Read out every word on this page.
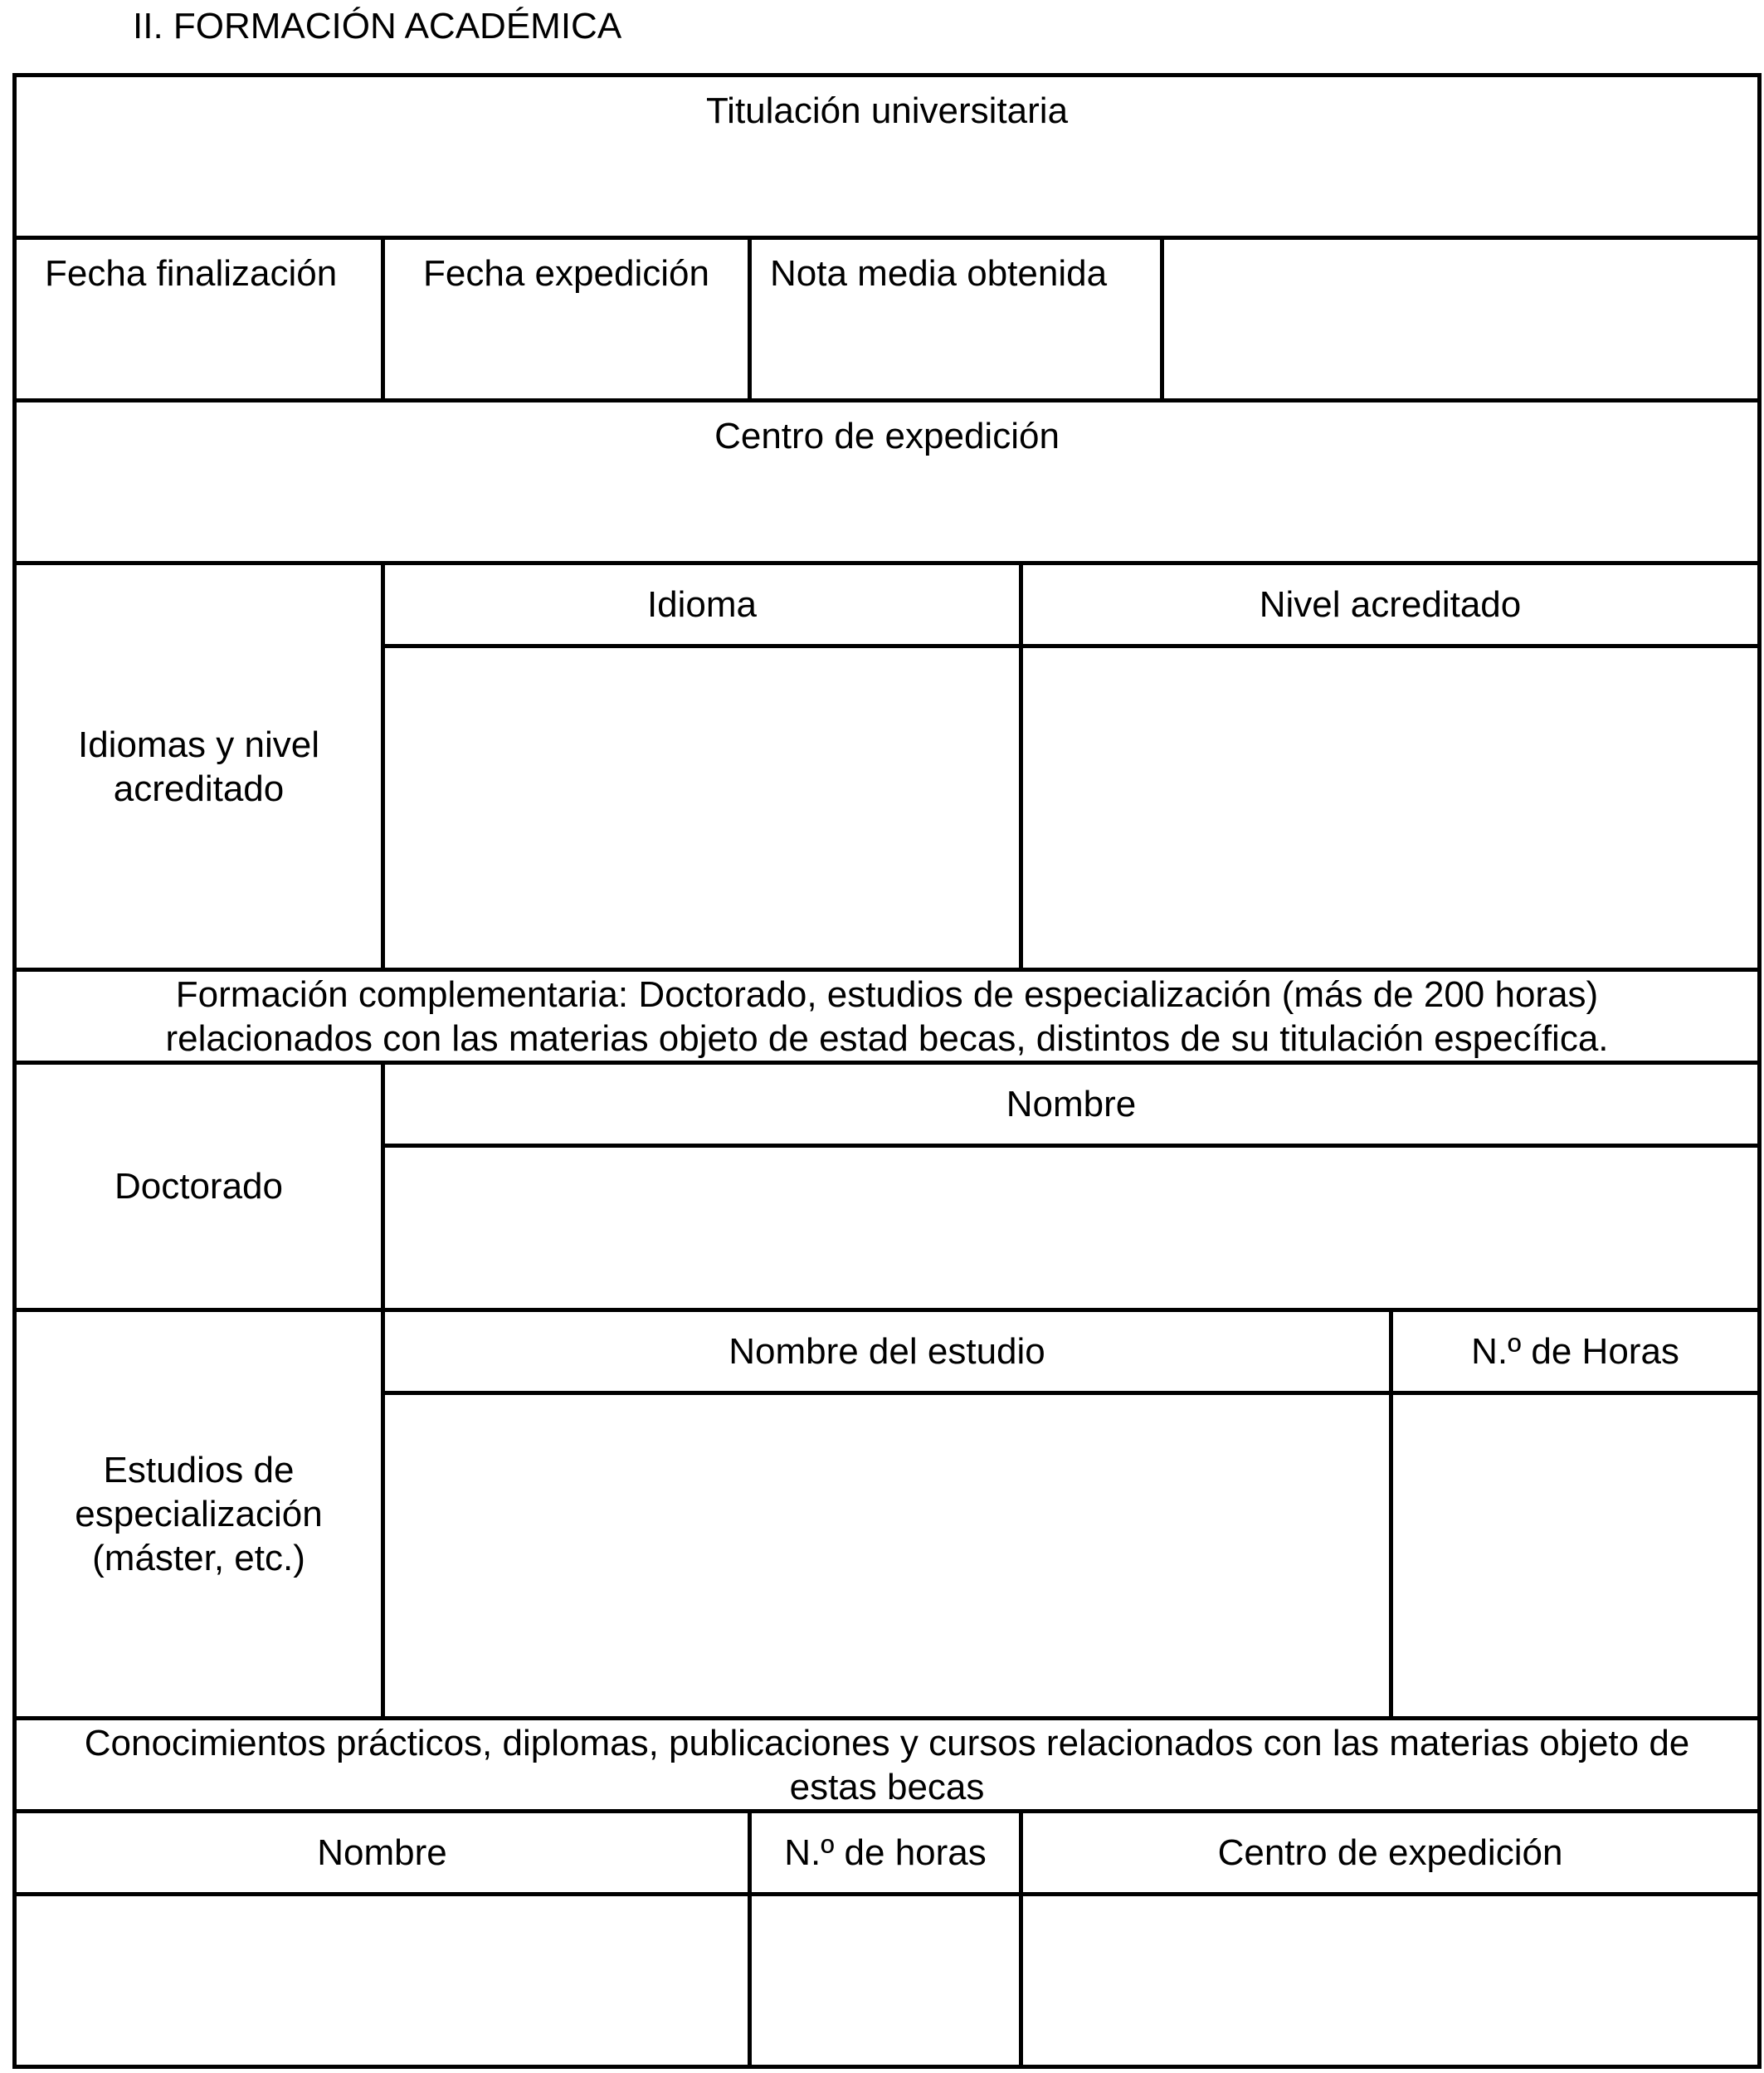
II. FORMACIÓN ACADÉMICA
Titulación universitaria					

Fecha finalización	Fecha expedición	Nota media obtenida			

Centro de expedición					

Idiomas y nivel acreditado	Idioma		Nivel acreditado		

Formación complementaria: Doctorado, estudios de especialización (más de 200 horas)
relacionados con las materias objeto de estad becas, distintos de su titulación específica.					

Doctorado	Nombre				

Estudios de especialización (máster, etc.)	Nombre del estudio				N.º de Horas

Conocimientos prácticos, diplomas, publicaciones y cursos relacionados con las materias objeto de
estas becas					

Nombre		N.º de horas	Centro de expedición		
